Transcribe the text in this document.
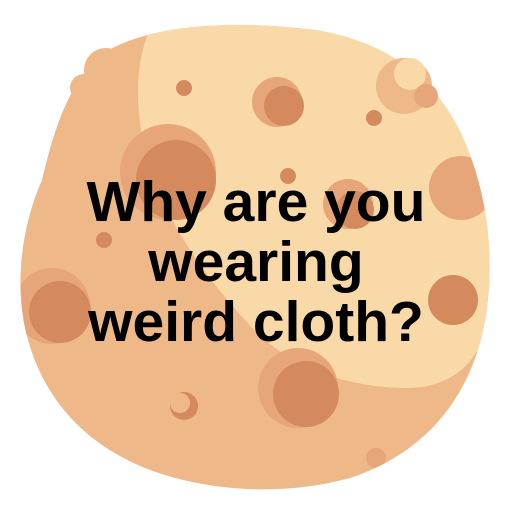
Why are you
wearing
weird cloth?
